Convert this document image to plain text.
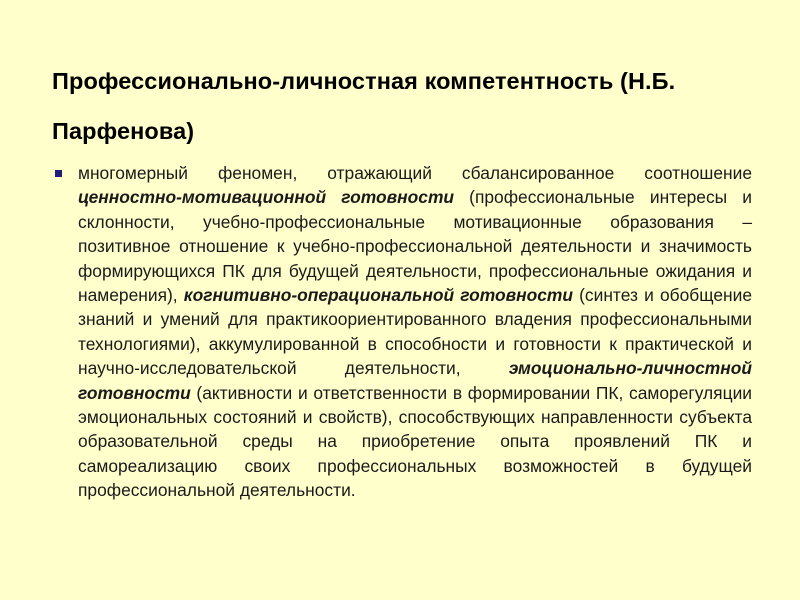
Профессионально-личностная компетентность (Н.Б. Парфенова)
многомерный феномен, отражающий сбалансированное соотношение ценностно-мотивационной готовности (профессиональные интересы и склонности, учебно-профессиональные мотивационные образования – позитивное отношение к учебно-профессиональной деятельности и значимость формирующихся ПК для будущей деятельности, профессиональные ожидания и намерения), когнитивно-операциональной готовности (синтез и обобщение знаний и умений для практикоориентированного владения профессиональными технологиями), аккумулированной в способности и готовности к практической и научно-исследовательской деятельности, эмоционально-личностной готовности (активности и ответственности в формировании ПК, саморегуляции эмоциональных состояний и свойств), способствующих направленности субъекта образовательной среды на приобретение опыта проявлений ПК и самореализацию своих профессиональных возможностей в будущей профессиональной деятельности.
